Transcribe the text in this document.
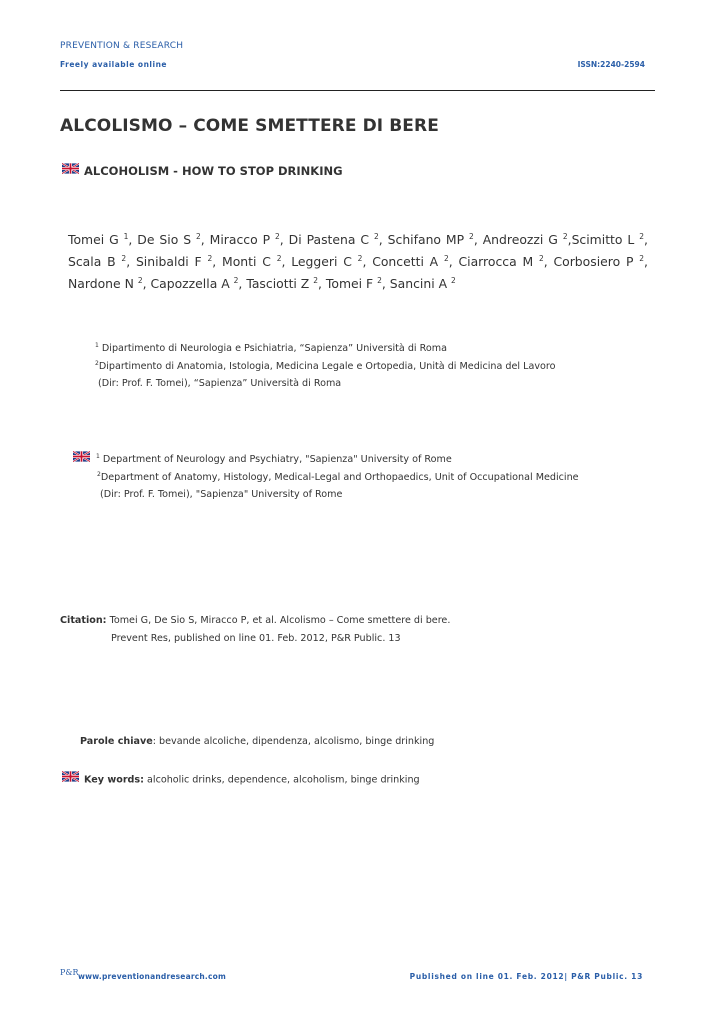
PREVENTION & RESEARCH
Freely available online	ISSN:2240-2594
ALCOLISMO – COME SMETTERE DI BERE
ALCOHOLISM - HOW TO STOP DRINKING
Tomei G $^1$, De Sio S $^2$, Miracco P $^2$, Di Pastena C $^2$, Schifano MP $^2$, Andreozzi G $^2$,Scimitto L $^2$, Scala B $^2$, Sinibaldi F $^2$, Monti C $^2$, Leggeri C $^2$, Concetti A $^2$, Ciarrocca M $^2$, Corbosiero P $^2$, Nardone N $^2$, Capozzella A $^2$, Tasciotti Z $^2$, Tomei F $^2$, Sancini A $^2$
$^1$ Dipartimento di Neurologia e Psichiatria, “Sapienza” Università di Roma
$^2$Dipartimento di Anatomia, Istologia, Medicina Legale e Ortopedia, Unità di Medicina del Lavoro
(Dir: Prof. F. Tomei), “Sapienza” Università di Roma
$^1$ Department of Neurology and Psychiatry, "Sapienza" University of Rome
$^2$Department of Anatomy, Histology, Medical-Legal and Orthopaedics, Unit of Occupational Medicine
(Dir: Prof. F. Tomei), "Sapienza" University of Rome
Citation: Tomei G, De Sio S, Miracco P, et al. Alcolismo – Come smettere di bere.
Prevent Res, published on line 01. Feb. 2012, P&R Public. 13
Parole chiave: bevande alcoliche, dipendenza, alcolismo, binge drinking
Key words: alcoholic drinks, dependence, alcoholism, binge drinking
P&R www.preventionandresearch.com	Published on line 01. Feb. 2012| P&R Public. 13
